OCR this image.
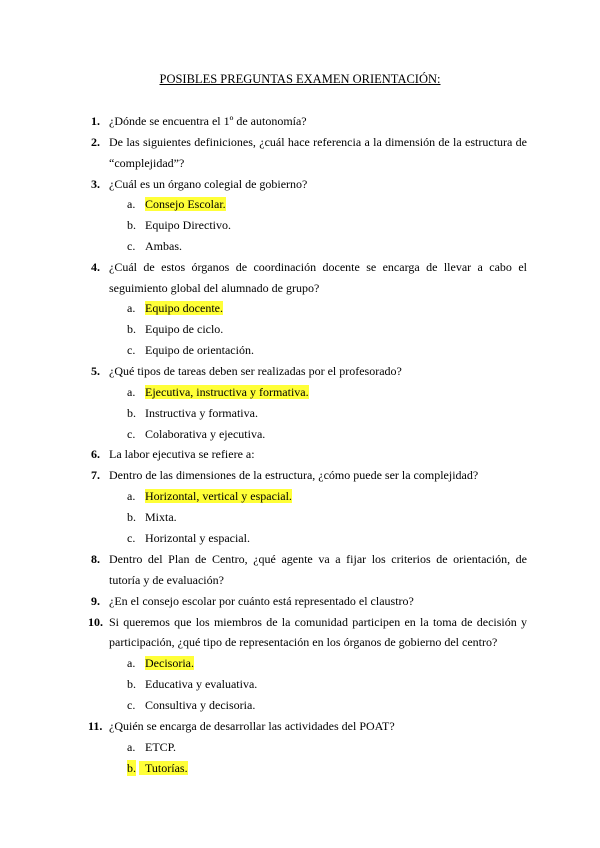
POSIBLES PREGUNTAS EXAMEN ORIENTACIÓN:
1. ¿Dónde se encuentra el 1º de autonomía?
2. De las siguientes definiciones, ¿cuál hace referencia a la dimensión de la estructura de
“complejidad”?
3. ¿Cuál es un órgano colegial de gobierno?
a. Consejo Escolar.
b. Equipo Directivo.
c. Ambas.
4. ¿Cuál de estos órganos de coordinación docente se encarga de llevar a cabo el
seguimiento global del alumnado de grupo?
a. Equipo docente.
b. Equipo de ciclo.
c. Equipo de orientación.
5. ¿Qué tipos de tareas deben ser realizadas por el profesorado?
a. Ejecutiva, instructiva y formativa.
b. Instructiva y formativa.
c. Colaborativa y ejecutiva.
6. La labor ejecutiva se refiere a:
7. Dentro de las dimensiones de la estructura, ¿cómo puede ser la complejidad?
a. Horizontal, vertical y espacial.
b. Mixta.
c. Horizontal y espacial.
8. Dentro del Plan de Centro, ¿qué agente va a fijar los criterios de orientación, de
tutoría y de evaluación?
9. ¿En el consejo escolar por cuánto está representado el claustro?
10. Si queremos que los miembros de la comunidad participen en la toma de decisión y
participación, ¿qué tipo de representación en los órganos de gobierno del centro?
a. Decisoria.
b. Educativa y evaluativa.
c. Consultiva y decisoria.
11. ¿Quién se encarga de desarrollar las actividades del POAT?
a. ETCP.
b. Tutorías.
